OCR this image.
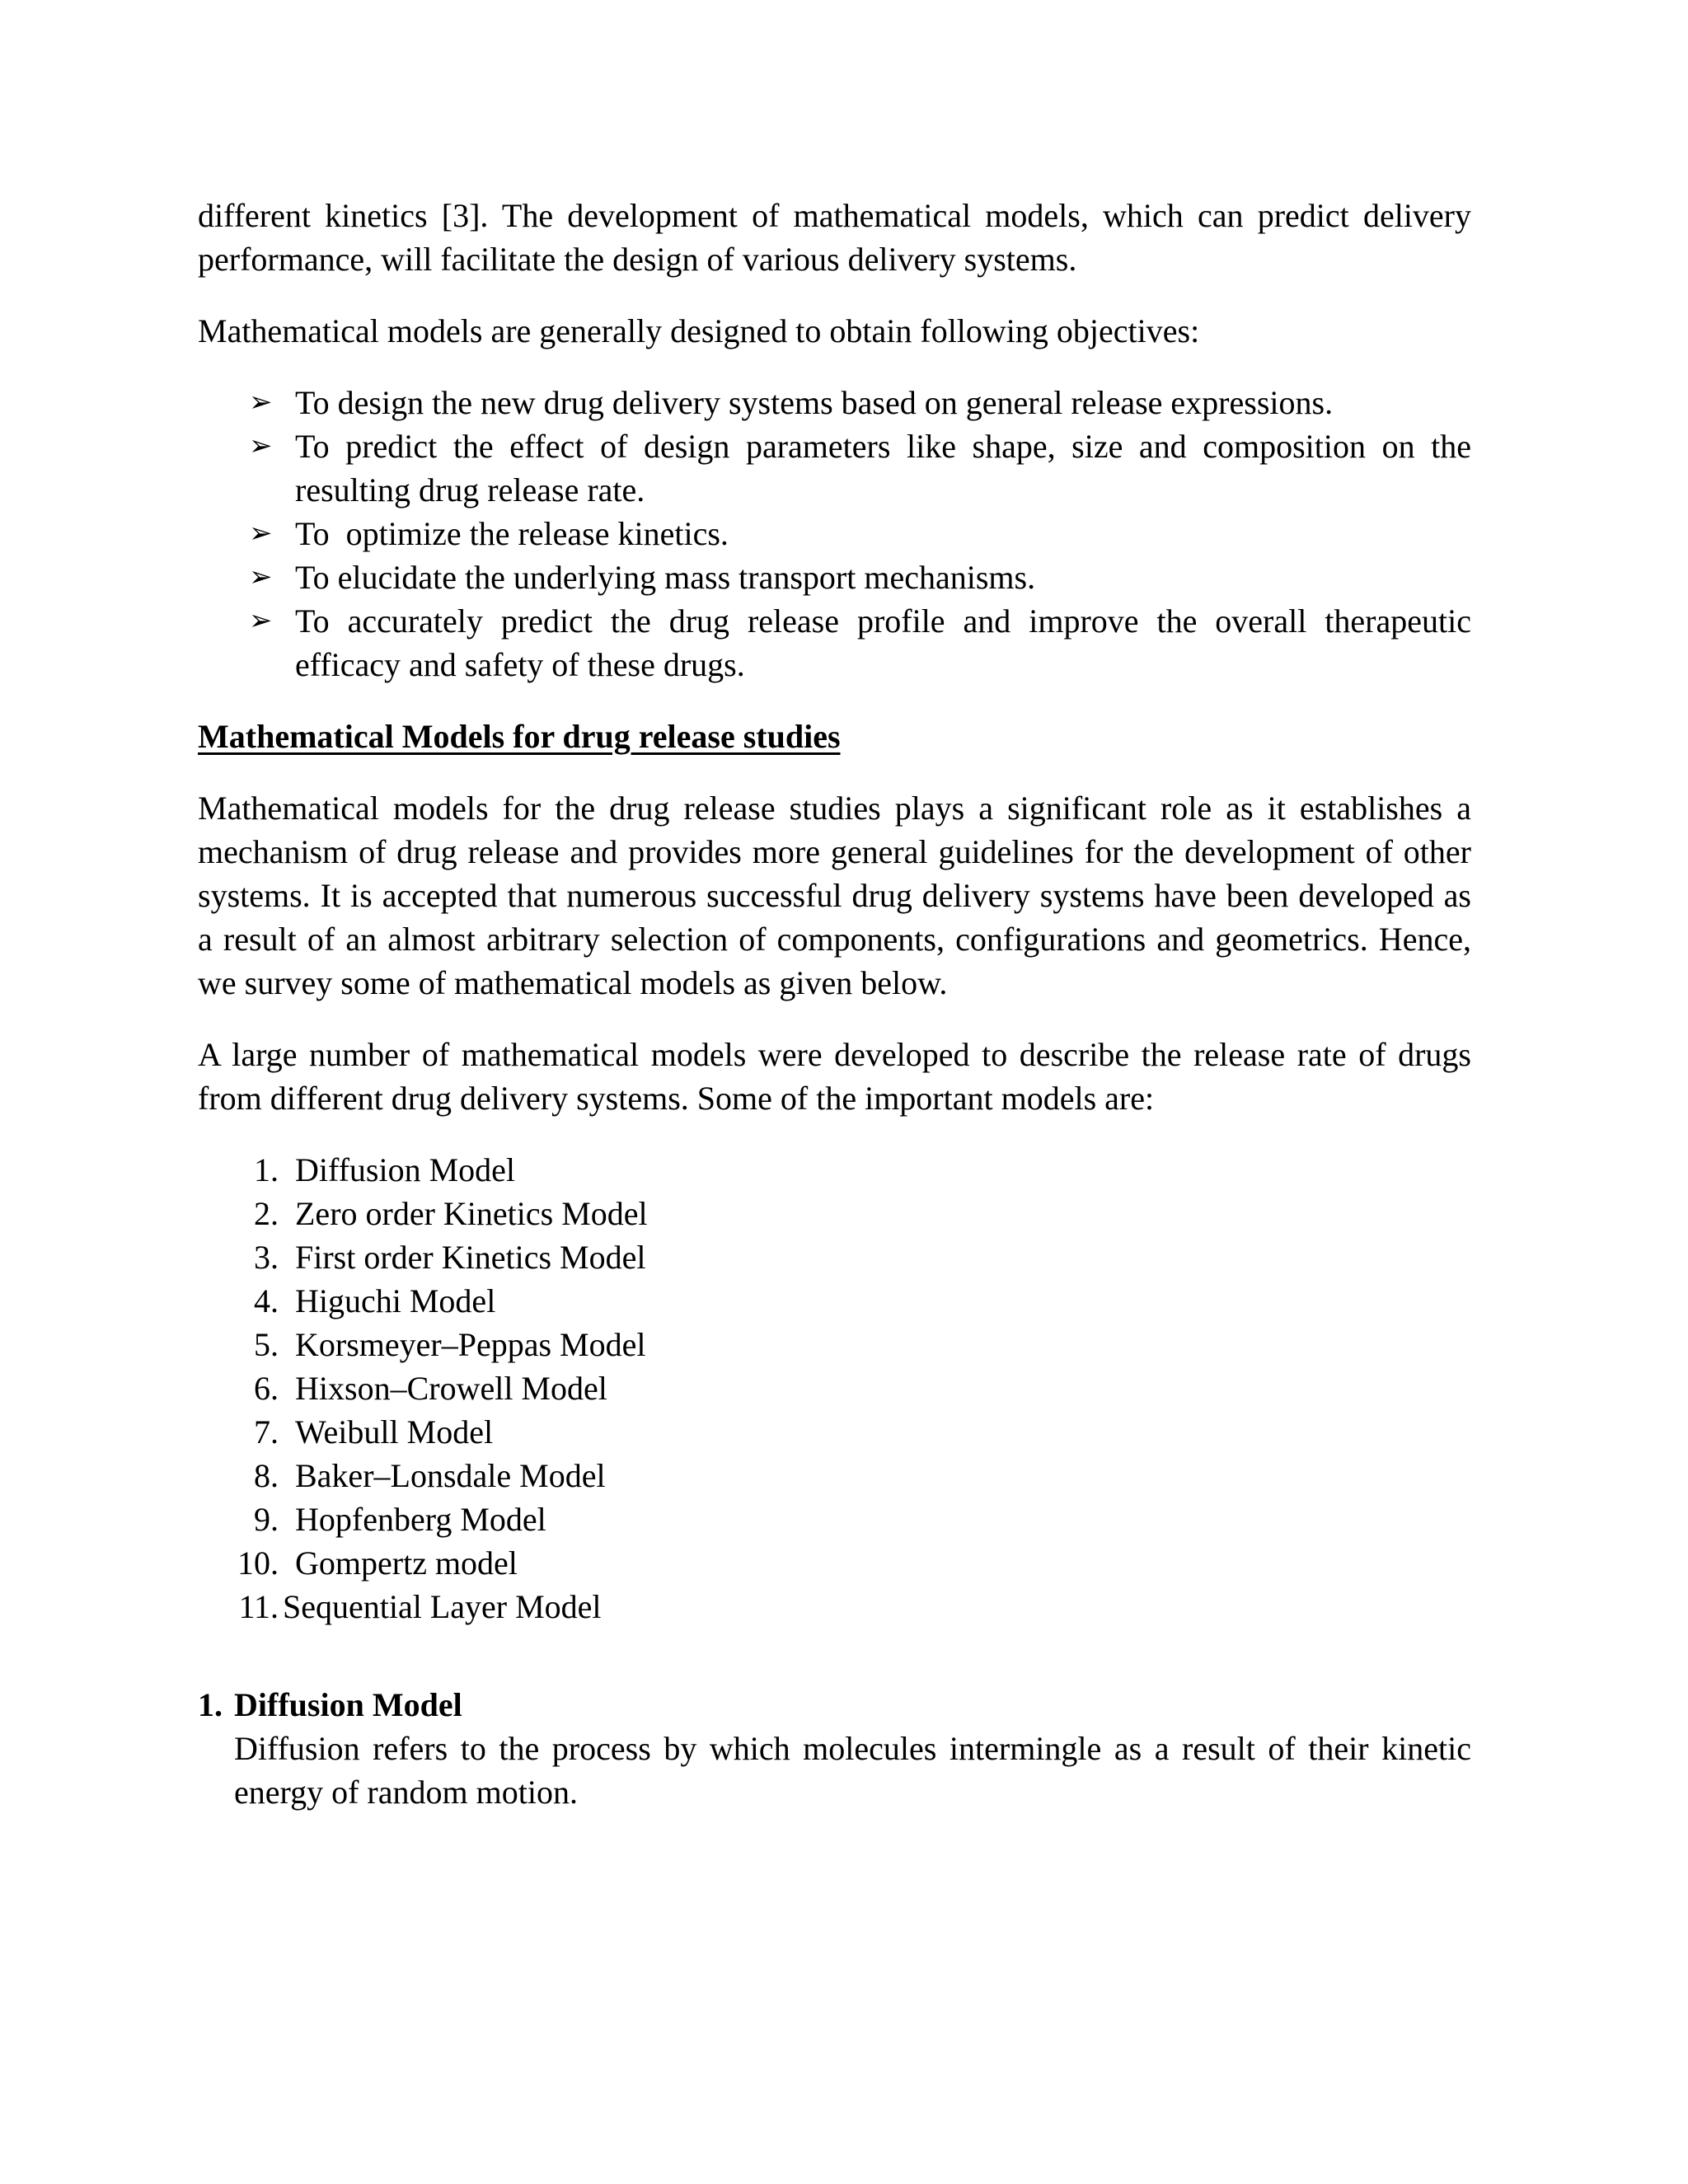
different kinetics [3]. The development of mathematical models, which can predict delivery performance, will facilitate the design of various delivery systems.

Mathematical models are generally designed to obtain following objectives:

➢ To design the new drug delivery systems based on general release expressions.
➢ To predict the effect of design parameters like shape, size and composition on the resulting drug release rate.
➢ To  optimize the release kinetics.
➢ To elucidate the underlying mass transport mechanisms.
➢ To accurately predict the drug release profile and improve the overall therapeutic efficacy and safety of these drugs.

Mathematical Models for drug release studies

Mathematical models for the drug release studies plays a significant role as it establishes a mechanism of drug release and provides more general guidelines for the development of other systems. It is accepted that numerous successful drug delivery systems have been developed as a result of an almost arbitrary selection of components, configurations and geometrics. Hence, we survey some of mathematical models as given below.

A large number of mathematical models were developed to describe the release rate of drugs from different drug delivery systems. Some of the important models are:

1. Diffusion Model
2. Zero order Kinetics Model
3. First order Kinetics Model
4. Higuchi Model
5. Korsmeyer–Peppas Model
6. Hixson–Crowell Model
7. Weibull Model
8. Baker–Lonsdale Model
9. Hopfenberg Model
10. Gompertz model
11. Sequential Layer Model
1. Diffusion Model

Diffusion refers to the process by which molecules intermingle as a result of their kinetic energy of random motion.
